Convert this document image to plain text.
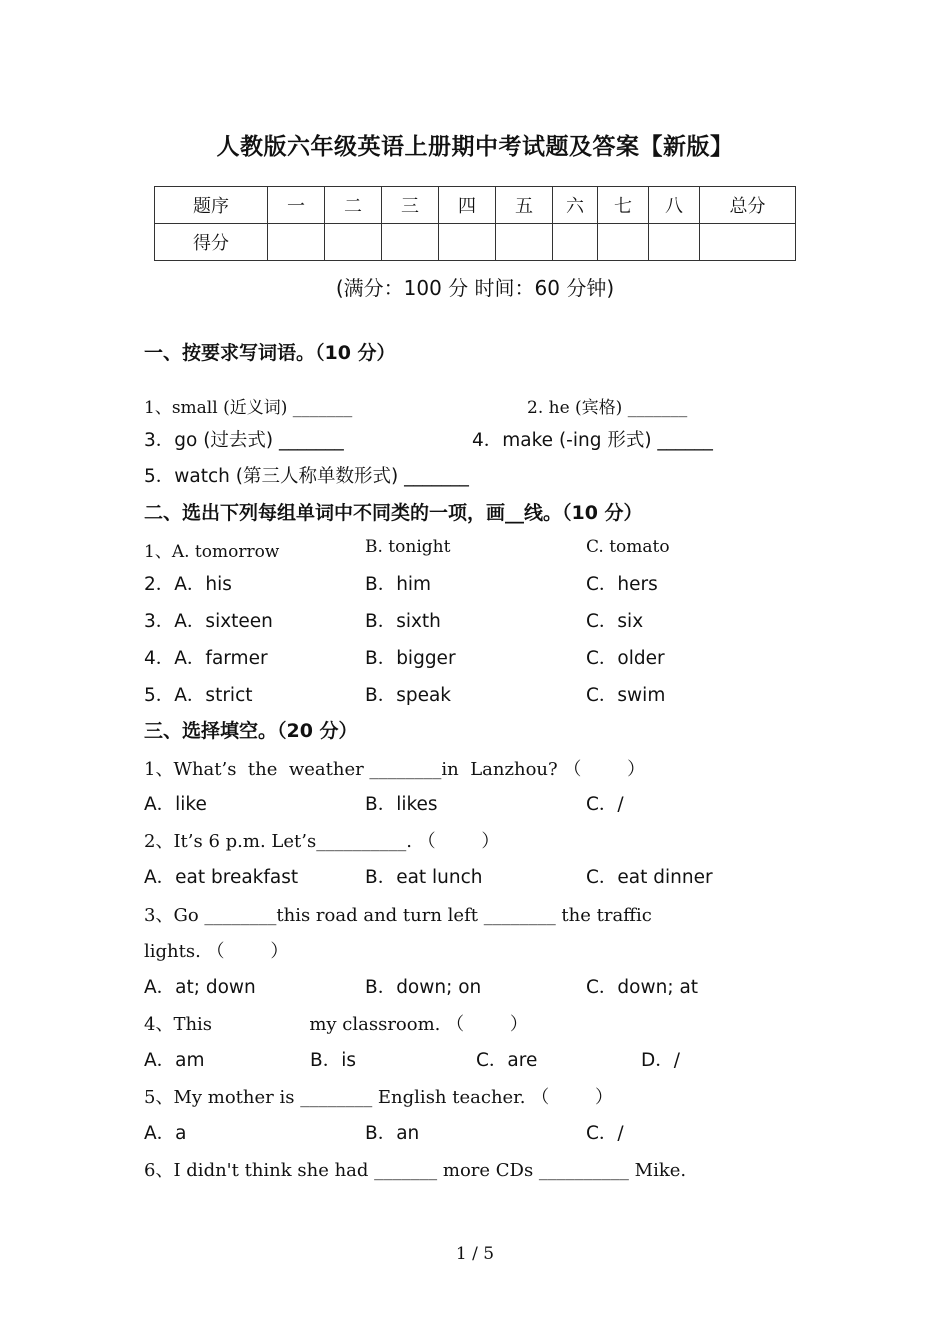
人教版六年级英语上册期中考试题及答案【新版】
题序	一	二	三	四	五	六	七	八	总分
得分									
(满分：100 分 时间：60 分钟)
一、按要求写词语。（10 分）
1、small (近义词) _______	2. he (宾格) _______
3．go (过去式) _______	4．make (-ing 形式) ______
5．watch (第三人称单数形式) _______
二、选出下列每组单词中不同类的一项，画__线。（10 分）
1、A. tomorrow	B. tonight	C. tomato
2．A．his	B．him	C．hers
3．A．sixteen	B．sixth	C．six
4．A．farmer	B．bigger	C．older
5．A．strict	B．speak	C．swim
三、选择填空。（20 分）
1、What’s  the  weather ________in  Lanzhou? （        ）
A．like	B．likes	C．/
2、It’s 6 p.m. Let’s__________. （        ）
A．eat breakfast	B．eat lunch	C．eat dinner
3、Go ________this road and turn left ________ the traffic
lights. （        ）
A．at; down	B．down; on	C．down; at
4、This                 my classroom. （        ）
A．am	B．is	C．are	D．/
5、My mother is ________ English teacher. （        ）
A．a	B．an	C．/
6、I didn't think she had _______ more CDs __________ Mike.
1 / 5
